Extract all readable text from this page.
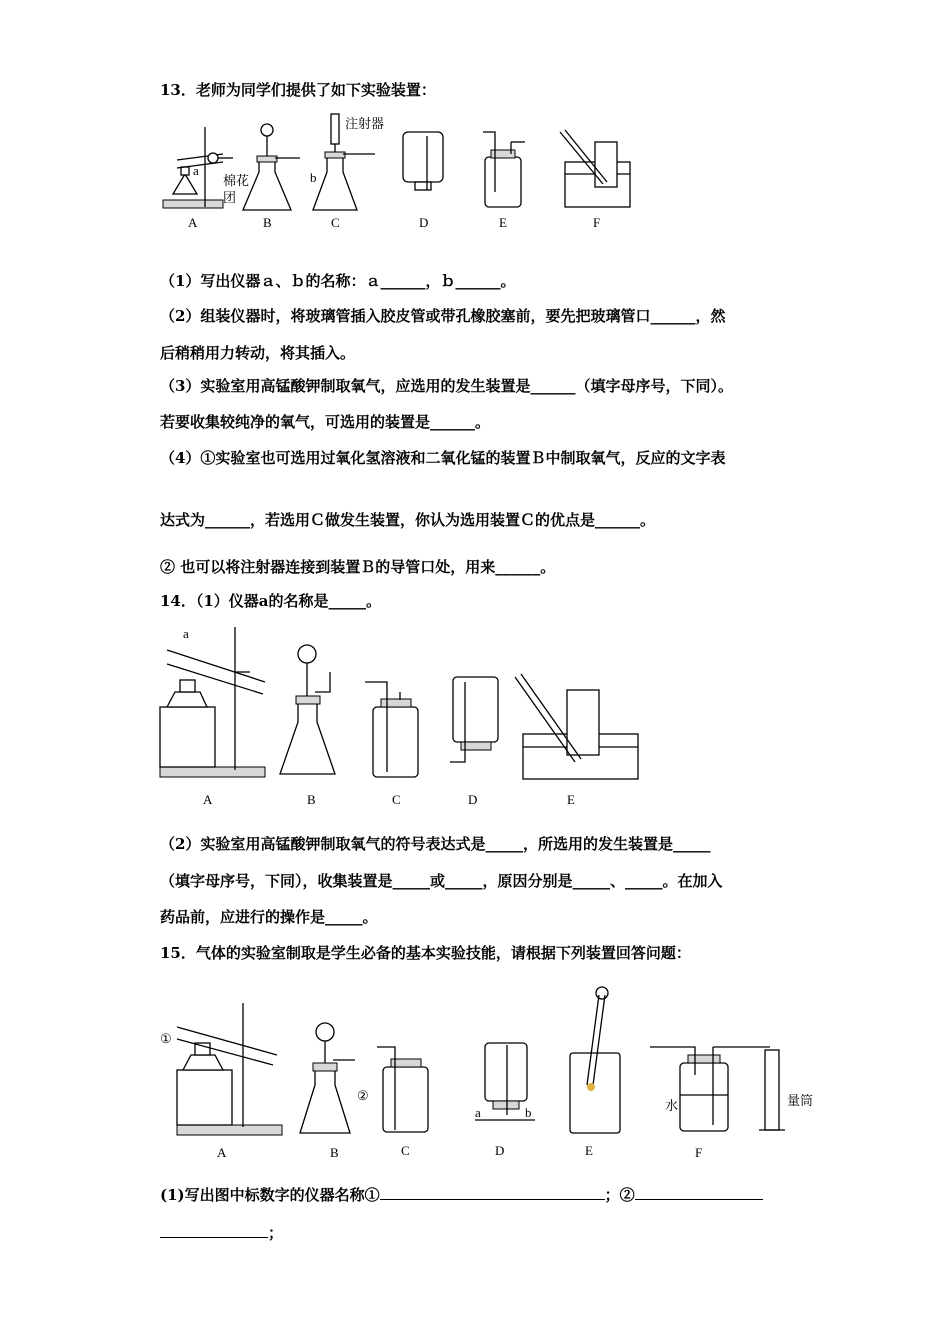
13．老师为同学们提供了如下实验装置：
a
棉花
团
注射器
b
A	B	C	D	E	F
（1）写出仪器ａ、ｂ的名称：ａ______，ｂ______。
（2）组装仪器时，将玻璃管插入胶皮管或带孔橡胶塞前，要先把玻璃管口______，然
后稍稍用力转动，将其插入。
（3）实验室用高锰酸钾制取氧气，应选用的发生装置是______（填字母序号，下同）。
若要收集较纯净的氧气，可选用的装置是______。
（4）①实验室也可选用过氧化氢溶液和二氧化锰的装置Ｂ中制取氧气，反应的文字表
达式为______，若选用Ｃ做发生装置，你认为选用装置Ｃ的优点是______。
② 也可以将注射器连接到装置Ｂ的导管口处，用来______。
14．（1）仪器a的名称是_____。
a
A	B	C	D	E
（2）实验室用高锰酸钾制取氧气的符号表达式是_____，所选用的发生装置是_____
（填字母序号，下同），收集装置是_____或_____，原因分别是_____、_____。在加入
药品前，应进行的操作是_____。
15．气体的实验室制取是学生必备的基本实验技能，请根据下列装置回答问题：
①
②
a	b	水	量筒
A	B	C	D	E	F
(1)写出图中标数字的仪器名称①	；②
；
